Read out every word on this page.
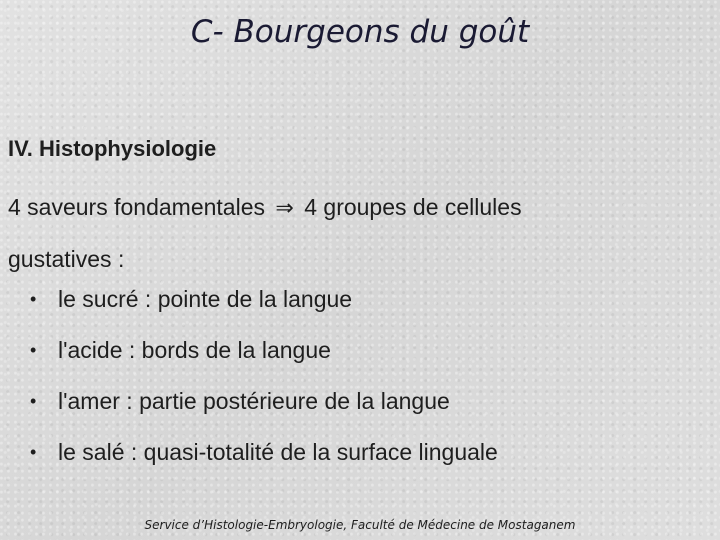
C- Bourgeons du goût
IV. Histophysiologie
4 saveurs fondamentales ⇒ 4 groupes de cellules
gustatives :
• le sucré : pointe de la langue
• l'acide : bords de la langue
• l'amer : partie postérieure de la langue
• le salé : quasi-totalité de la surface linguale
Service d’Histologie-Embryologie, Faculté de Médecine de Mostaganem
